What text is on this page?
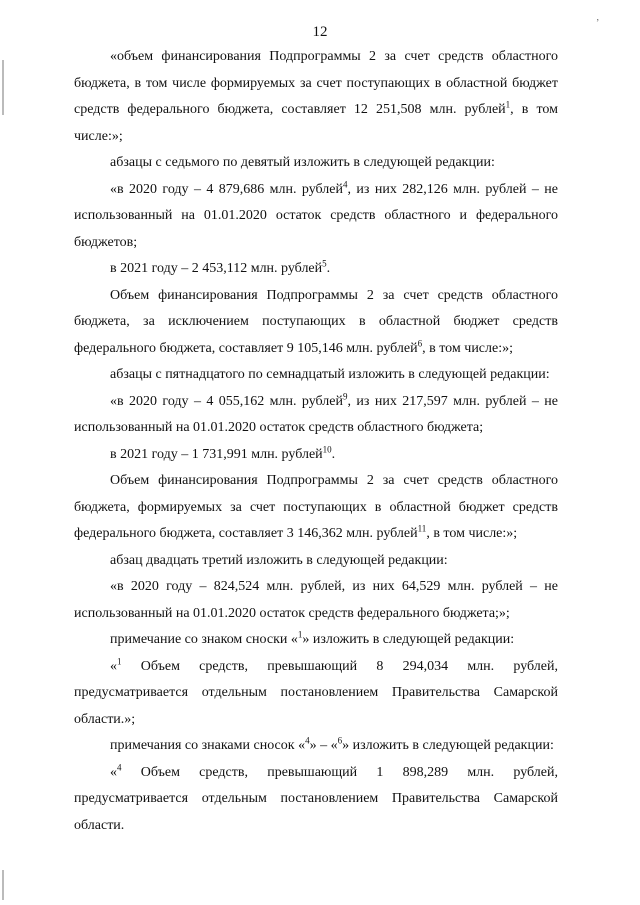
’
12

«объем финансирования Подпрограммы 2 за счет средств областного бюджета, в том числе формируемых за счет поступающих в областной бюджет средств федерального бюджета, составляет 12 251,508 млн. рублей$^1$, в том числе:»;

абзацы с седьмого по девятый изложить в следующей редакции:

«в 2020 году – 4 879,686 млн. рублей$^4$, из них 282,126 млн. рублей – не использованный на 01.01.2020 остаток средств областного и федерального бюджетов;

в 2021 году – 2 453,112 млн. рублей$^5$.

Объем финансирования Подпрограммы 2 за счет средств областного бюджета, за исключением поступающих в областной бюджет средств федерального бюджета, составляет 9 105,146 млн. рублей$^6$, в том числе:»;

абзацы с пятнадцатого по семнадцатый изложить в следующей редакции:

«в 2020 году – 4 055,162 млн. рублей$^9$, из них 217,597 млн. рублей – не использованный на 01.01.2020 остаток средств областного бюджета;

в 2021 году – 1 731,991 млн. рублей$^{10}$.

Объем финансирования Подпрограммы 2 за счет средств областного бюджета, формируемых за счет поступающих в областной бюджет средств федерального бюджета, составляет 3 146,362 млн. рублей$^{11}$, в том числе:»;

абзац двадцать третий изложить в следующей редакции:

«в 2020 году – 824,524 млн. рублей, из них 64,529 млн. рублей – не использованный на 01.01.2020 остаток средств федерального бюджета;»;

примечание со знаком сноски «$^1$» изложить в следующей редакции:

«$^1$ Объем средств, превышающий 8 294,034 млн. рублей, предусматривается отдельным постановлением Правительства Самарской области.»;

примечания со знаками сносок «$^4$» – «$^6$» изложить в следующей редакции:

«$^4$ Объем средств, превышающий 1 898,289 млн. рублей, предусматривается отдельным постановлением Правительства Самарской области.
